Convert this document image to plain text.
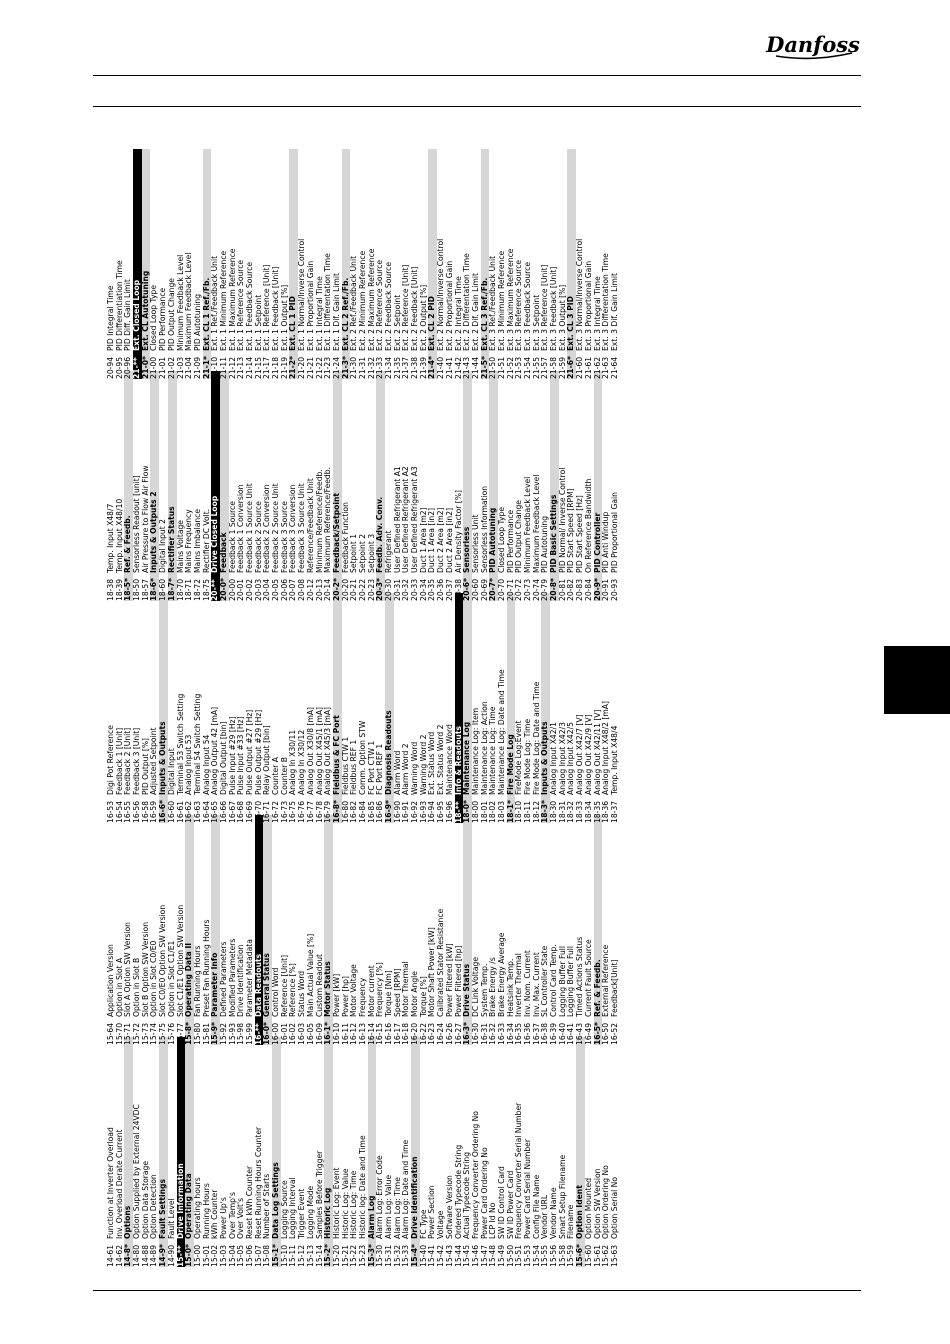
Danfoss
14-61
Function at Inverter Overload
14-62
Inv. Overload Derate Current
14-8*
Options
14-80
Option Supplied by External 24VDC
14-88
Option Data Storage
14-89
Option Detection
14-9*
Fault Settings
14-90
Fault Level
15-**
Drive Information
15-0*
Operating Data
15-00
Operating hours
15-01
Running Hours
15-02
kWh Counter
15-03
Power Up's
15-04
Over Temp's
15-05
Over Volt's
15-06
Reset kWh Counter
15-07
Reset Running Hours Counter
15-08
Number of Starts
15-1*
Data Log Settings
15-10
Logging Source
15-11
Logging Interval
15-12
Trigger Event
15-13
Logging Mode
15-14
Samples Before Trigger
15-2*
Historic Log
15-20
Historic Log: Event
15-21
Historic Log: Value
15-22
Historic Log: Time
15-23
Historic log: Date and Time
15-3*
Alarm Log
15-30
Alarm Log: Error Code
15-31
Alarm Log: Value
15-32
Alarm Log: Time
15-33
Alarm Log: Date and Time
15-4*
Drive Identification
15-40
FC Type
15-41
Power Section
15-42
Voltage
15-43
Software Version
15-44
Ordered Typecode String
15-45
Actual Typecode String
15-46
Frequency Converter Ordering No
15-47
Power Card Ordering No
15-48
LCP Id No
15-49
SW ID Control Card
15-50
SW ID Power Card
15-51
Frequency Converter Serial Number
15-53
Power Card Serial Number
15-54
Config File Name
15-55
Vendor URL
15-56
Vendor Name
15-58
Smart Setup Filename
15-59
Filename
15-6*
Option Ident
15-60
Option Mounted
15-61
Option SW Version
15-62
Option Ordering No
15-63
Option Serial No
15-64
Application Version
15-70
Option in Slot A
15-71
Slot A Option SW Version
15-72
Option in Slot B
15-73
Slot B Option SW Version
15-74
Option in Slot C0/E0
15-75
Slot C0/E0 Option SW Version
15-76
Option in Slot C1/E1
15-77
Slot C1/E1 Option SW Version
15-8*
Operating Data II
15-80
Fan Running Hours
15-81
Preset Fan Running Hours
15-9*
Parameter Info
15-92
Defined Parameters
15-93
Modified Parameters
15-98
Drive Identification
15-99
Parameter Metadata
16-**
Data Readouts
16-0*
General Status
16-00
Control Word
16-01
Reference [Unit]
16-02
Reference [%]
16-03
Status Word
16-05
Main Actual Value [%]
16-09
Custom Readout
16-1*
Motor Status
16-10
Power [kW]
16-11
Power [hp]
16-12
Motor Voltage
16-13
Frequency
16-14
Motor current
16-15
Frequency [%]
16-16
Torque [Nm]
16-17
Speed [RPM]
16-18
Motor Thermal
16-20
Motor Angle
16-22
Torque [%]
16-23
Motor Shaft Power [kW]
16-24
Calibrated Stator Resistance
16-26
Power Filtered [kW]
16-27
Power Filtered [hp]
16-3*
Drive Status
16-30
DC Link Voltage
16-31
System Temp.
16-32
Brake Energy /s
16-33
Brake Energy Average
16-34
Heatsink Temp.
16-35
Inverter Thermal
16-36
Inv. Nom. Current
16-37
Inv. Max. Current
16-38
SL Controller State
16-39
Control Card Temp.
16-40
Logging Buffer Full
16-41
Logging Buffer Full
16-43
Timed Actions Status
16-49
Current Fault Source
16-5*
Ref. & Feedb.
16-50
External Reference
16-52
Feedback[Unit]
16-53
Digi Pot Reference
16-54
Feedback 1 [Unit]
16-55
Feedback 2 [Unit]
16-56
Feedback 3 [Unit]
16-58
PID Output [%]
16-59
Adjusted Setpoint
16-6*
Inputs & Outputs
16-60
Digital Input
16-61
Terminal 53 Switch Setting
16-62
Analog Input 53
16-63
Terminal 54 Switch Setting
16-64
Analog Input 54
16-65
Analog Output 42 [mA]
16-66
Digital Output [bin]
16-67
Pulse Input #29 [Hz]
16-68
Pulse Input #33 [Hz]
16-69
Pulse Output #27 [Hz]
16-70
Pulse Output #29 [Hz]
16-71
Relay Output [bin]
16-72
Counter A
16-73
Counter B
16-75
Analog In X30/11
16-76
Analog In X30/12
16-77
Analog Out X30/8 [mA]
16-78
Analog Out X45/1 [mA]
16-79
Analog Out X45/3 [mA]
16-8*
Fieldbus & FC Port
16-80
Fieldbus CTW 1
16-82
Fieldbus REF 1
16-84
Comm. Option STW
16-85
FC Port CTW 1
16-86
FC Port REF 1
16-9*
Diagnosis Readouts
16-90
Alarm Word
16-91
Alarm Word 2
16-92
Warning Word
16-93
Warning Word 2
16-94
Ext. Status Word
16-95
Ext. Status Word 2
16-96
Maintenance Word
18-**
Info & Readouts
18-0*
Maintenance Log
18-00
Maintenance Log: Item
18-01
Maintenance Log: Action
18-02
Maintenance Log: Time
18-03
Maintenance Log: Date and Time
18-1*
Fire Mode Log
18-10
FireMode Log:Event
18-11
Fire Mode Log: Time
18-12
Fire Mode Log: Date and Time
18-3*
Inputs & Outputs
18-30
Analog Input X42/1
18-31
Analog Input X42/3
18-32
Analog Input X42/5
18-33
Analog Out X42/7 [V]
18-34
Analog Out X42/9 [V]
18-35
Analog Out X42/11 [V]
18-36
Analog Input X48/2 [mA]
18-37
Temp. Input X48/4
18-38
Temp. Input X48/7
18-39
Temp. Input X48/10
18-5*
Ref. & Feedb.
18-50
Sensorless Readout [unit]
18-57
Air Pressure to Flow Air Flow
18-6*
Inputs & Outputs 2
18-60
Digital Input 2
18-7*
Rectifier Status
18-70
Mains Voltage
18-71
Mains Frequency
18-72
Mains Imbalance
18-75
Rectifier DC Volt.
20-**
Drive Closed Loop
20-0*
Feedback
20-00
Feedback 1 Source
20-01
Feedback 1 Conversion
20-02
Feedback 1 Source Unit
20-03
Feedback 2 Source
20-04
Feedback 2 Conversion
20-05
Feedback 2 Source Unit
20-06
Feedback 3 Source
20-07
Feedback 3 Conversion
20-08
Feedback 3 Source Unit
20-12
Reference/Feedback Unit
20-13
Minimum Reference/Feedb.
20-14
Maximum Reference/Feedb.
20-2*
Feedback/Setpoint
20-20
Feedback Function
20-21
Setpoint 1
20-22
Setpoint 2
20-23
Setpoint 3
20-3*
Feedb. Adv. Conv.
20-30
Refrigerant
20-31
User Defined Refrigerant A1
20-32
User Defined Refrigerant A2
20-33
User Defined Refrigerant A3
20-34
Duct 1 Area [m2]
20-35
Duct 1 Area [in2]
20-36
Duct 2 Area [m2]
20-37
Duct 2 Area [in2]
20-38
Air Density Factor [%]
20-6*
Sensorless
20-60
Sensorless Unit
20-69
Sensorless Information
20-7*
PID Autotuning
20-70
Closed Loop Type
20-71
PID Performance
20-72
PID Output Change
20-73
Minimum Feedback Level
20-74
Maximum Feedback Level
20-79
PID Autotuning
20-8*
PID Basic Settings
20-81
PID Normal/ Inverse Control
20-82
PID Start Speed [RPM]
20-83
PID Start Speed [Hz]
20-84
On Reference Bandwidth
20-9*
PID Controller
20-91
PID Anti Windup
20-93
PID Proportional Gain
20-94
PID Integral Time
20-95
PID Differentiation Time
20-96
PID Diff. Gain Limit
21-**
Ext. Closed Loop
21-0*
Ext. CL Autotuning
21-00
Closed Loop Type
21-01
PID Performance
21-02
PID Output Change
21-03
Minimum Feedback Level
21-04
Maximum Feedback Level
21-09
PID Autotuning
21-1*
Ext. CL 1 Ref./Fb.
21-10
Ext. 1 Ref./Feedback Unit
21-11
Ext. 1 Minimum Reference
21-12
Ext. 1 Maximum Reference
21-13
Ext. 1 Reference Source
21-14
Ext. 1 Feedback Source
21-15
Ext. 1 Setpoint
21-17
Ext. 1 Reference [Unit]
21-18
Ext. 1 Feedback [Unit]
21-19
Ext. 1 Output [%]
21-2*
Ext. CL 1 PID
21-20
Ext. 1 Normal/Inverse Control
21-21
Ext. 1 Proportional Gain
21-22
Ext. 1 Integral Time
21-23
Ext. 1 Differentation Time
21-24
Ext. 1 Dif. Gain Limit
21-3*
Ext. CL 2 Ref./Fb.
21-30
Ext. 2 Ref./Feedback Unit
21-31
Ext. 2 Minimum Reference
21-32
Ext. 2 Maximum Reference
21-33
Ext. 2 Reference Source
21-34
Ext. 2 Feedback Source
21-35
Ext. 2 Setpoint
21-37
Ext. 2 Reference [Unit]
21-38
Ext. 2 Feedback [Unit]
21-39
Ext. 2 Output [%]
21-4*
Ext. CL 2 PID
21-40
Ext. 2 Normal/Inverse Control
21-41
Ext. 2 Proportional Gain
21-42
Ext. 2 Integral Time
21-43
Ext. 2 Differentation Time
21-44
Ext. 2 Dif. Gain Limit
21-5*
Ext. CL 3 Ref./Fb.
21-50
Ext. 3 Ref./Feedback Unit
21-51
Ext. 3 Minimum Reference
21-52
Ext. 3 Maximum Reference
21-53
Ext. 3 Reference Source
21-54
Ext. 3 Feedback Source
21-55
Ext. 3 Setpoint
21-57
Ext. 3 Reference [Unit]
21-58
Ext. 3 Feedback [Unit]
21-59
Ext. 3 Output [%]
21-6*
Ext. CL 3 PID
21-60
Ext. 3 Normal/Inverse Control
21-61
Ext. 3 Proportional Gain
21-62
Ext. 3 Integral Time
21-63
Ext. 3 Differentation Time
21-64
Ext. 3 Dif. Gain Limit
